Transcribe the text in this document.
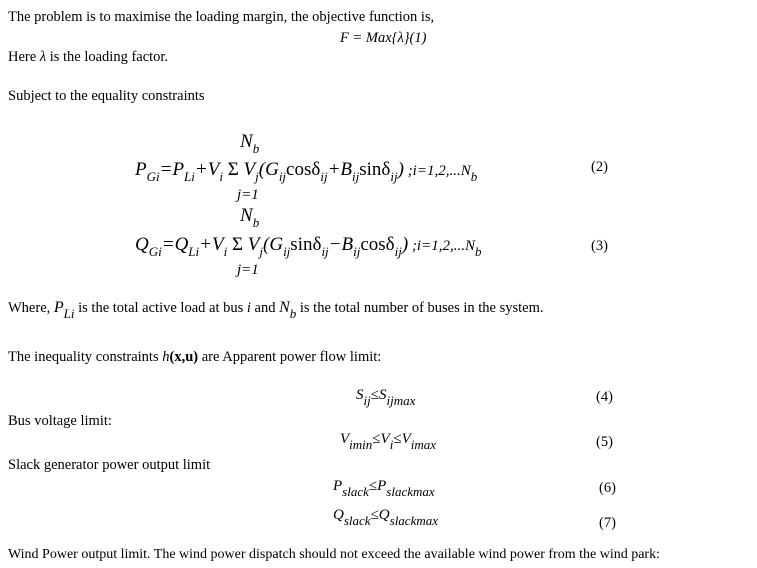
The problem is to maximise the loading margin, the objective function is,
F = Max{λ}(1)
Here λ is the loading factor.
Subject to the equality constraints
$N_b$
$P_{Gi}=P_{Li}+V_i$ Σ $V_j(G_{ij}\cos\delta_{ij}+B_{ij}\sin\delta_{ij})$ $;i=1,2,...N_b$
j=1
(2)
$N_b$
$Q_{Gi}=Q_{Li}+V_i$ Σ $V_j(G_{ij}\sin\delta_{ij}-B_{ij}\cos\delta_{ij})$ $;i=1,2,...N_b$
j=1
(3)
Where, PLi is the total active load at bus i and Nb is the total number of buses in the system.
The inequality constraints h(x,u) are Apparent power flow limit:
Sij≤Sijmax	(4)
Bus voltage limit:
Vimin≤Vi≤Vimax	(5)
Slack generator power output limit
Pslack≤Pslackmax	(6)
Qslack≤Qslackmax	(7)
Wind Power output limit. The wind power dispatch should not exceed the available wind power from the wind park:
